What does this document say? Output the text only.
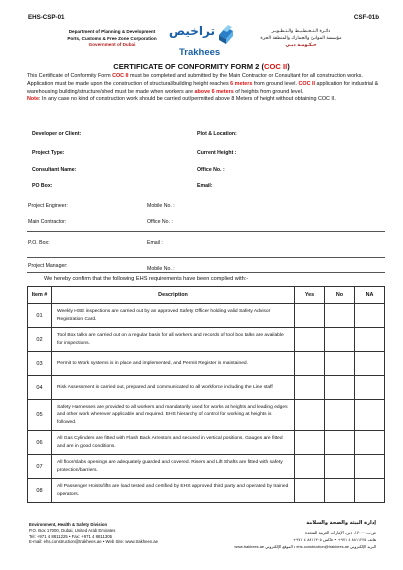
EHS-CSP-01	CSF-01b
Department of Planning & Development
Ports, Customs & Free Zone Corporation
Government of Dubai
تراخيص
Trakhees
دائـرة الـتـخـطـيـط والـتـطـويـر
مؤسسة الموانئ والجمارك والمنطقة الحرة
حـكـومـة دبـي
CERTIFICATE OF CONFORMITY FORM 2 (COC II)
This Certificate of Conformity Form COC II must be completed and submitted by the Main Contractor or Consultant for all construction works. Application must be made upon the construction of structural/building height reaches 6 meters from ground level. COC II application for industrial & warehousing building/structure/shed must be made when workers are above 6 meters of heights from ground level.
Note: In any case no kind of construction work should be carried out/permitted above 8 Meters of height without obtaining COC II.
Developer or Client:	Plot & Location:
Project Type:	Current Height :
Consultant Name:	Office No. :
PO Box:	Email:
Project Engineer:	Mobile No. :
Main Contractor:	Office No. :
P.O. Box:	Email :
Project Manager:	Mobile No. :
We hereby confirm that the following EHS requirements have been complied with:-
Item #	Description	Yes	No	NA
01	Weekly HSE inspections are carried out by an approved Safety Officer holding valid Safety Advisor Registration Card.			
02	Tool Box talks are carried out on a regular basis for all workers and records of tool box talks are available for inspections.			
03	Permit to Work systems is in place and implemented, and Permit Register is maintained.			
04	Risk Assessment is carried out, prepared and communicated to all workforce including the Line staff			
05	Safety Harnesses are provided to all workers and mandatorily used for works at heights and leading edges and other work wherever applicable and required. EHS hierarchy of control for working at heights is followed.			
06	All Gas Cylinders are fitted with Flash Back Arrestors and secured in vertical positions. Gauges are fitted and are in good conditions.			
07	All floor/slabs openings are adequately guarded and covered. Risers and Lift Shafts are fitted with safety protection/barriers.			
08	All Passenger Hoists/lifts are load tested and certified by EHS approved third party and operated by trained operators.			
Environment, Health & Safety Division
P.O. Box 17000, Dubai, United Arab Emirates
Tel: +971 4 8811225 • Fax: +971 4 8811305
E-mail: ehs.construction@trakhees.ae • Web Site: www.trakhees.ae
إدارة البيئة والصحة والسلامة
ص.ب ١٧٠٠٠، دبي، الإمارات العربية المتحدة
هاتف ٨٨١١٢٢٥ ٤ ٩٧١+ • فاكس ٨٨١١٣٠٥ ٤ ٩٧١+
www.trakhees.ae الموقع الإلكتروني • ehs.construction@trakhees.ae البريد الإلكتروني
